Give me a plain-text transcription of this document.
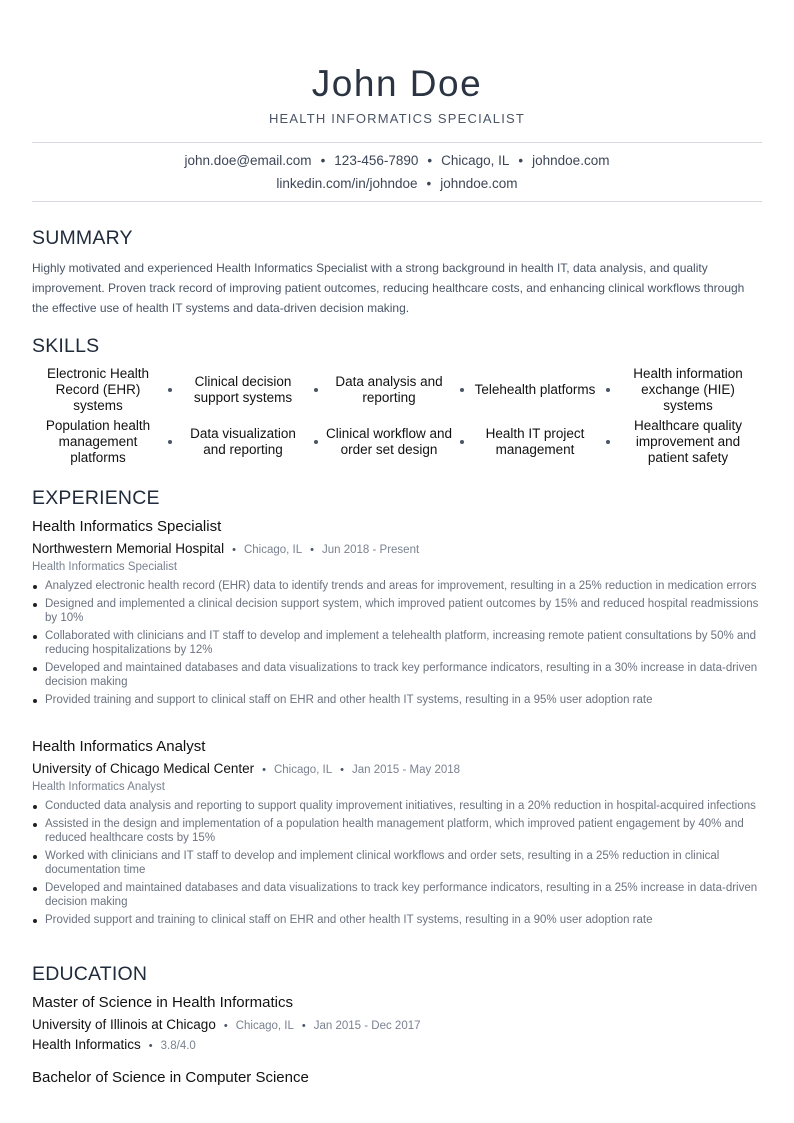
John Doe
HEALTH INFORMATICS SPECIALIST
john.doe@email.com • 123-456-7890 • Chicago, IL • johndoe.com
linkedin.com/in/johndoe • johndoe.com
SUMMARY
Highly motivated and experienced Health Informatics Specialist with a strong background in health IT, data analysis, and quality improvement. Proven track record of improving patient outcomes, reducing healthcare costs, and enhancing clinical workflows through the effective use of health IT systems and data-driven decision making.
SKILLS
Electronic Health Record (EHR) systems
Clinical decision support systems
Data analysis and reporting
Telehealth platforms
Health information exchange (HIE) systems
Population health management platforms
Data visualization and reporting
Clinical workflow and order set design
Health IT project management
Healthcare quality improvement and patient safety
EXPERIENCE
Health Informatics Specialist
Northwestern Memorial Hospital • Chicago, IL • Jun 2018 - Present
Health Informatics Specialist
Analyzed electronic health record (EHR) data to identify trends and areas for improvement, resulting in a 25% reduction in medication errors
Designed and implemented a clinical decision support system, which improved patient outcomes by 15% and reduced hospital readmissions by 10%
Collaborated with clinicians and IT staff to develop and implement a telehealth platform, increasing remote patient consultations by 50% and reducing hospitalizations by 12%
Developed and maintained databases and data visualizations to track key performance indicators, resulting in a 30% increase in data-driven decision making
Provided training and support to clinical staff on EHR and other health IT systems, resulting in a 95% user adoption rate
Health Informatics Analyst
University of Chicago Medical Center • Chicago, IL • Jan 2015 - May 2018
Health Informatics Analyst
Conducted data analysis and reporting to support quality improvement initiatives, resulting in a 20% reduction in hospital-acquired infections
Assisted in the design and implementation of a population health management platform, which improved patient engagement by 40% and reduced healthcare costs by 15%
Worked with clinicians and IT staff to develop and implement clinical workflows and order sets, resulting in a 25% reduction in clinical documentation time
Developed and maintained databases and data visualizations to track key performance indicators, resulting in a 25% increase in data-driven decision making
Provided support and training to clinical staff on EHR and other health IT systems, resulting in a 90% user adoption rate
EDUCATION
Master of Science in Health Informatics
University of Illinois at Chicago • Chicago, IL • Jan 2015 - Dec 2017
Health Informatics • 3.8/4.0
Bachelor of Science in Computer Science
